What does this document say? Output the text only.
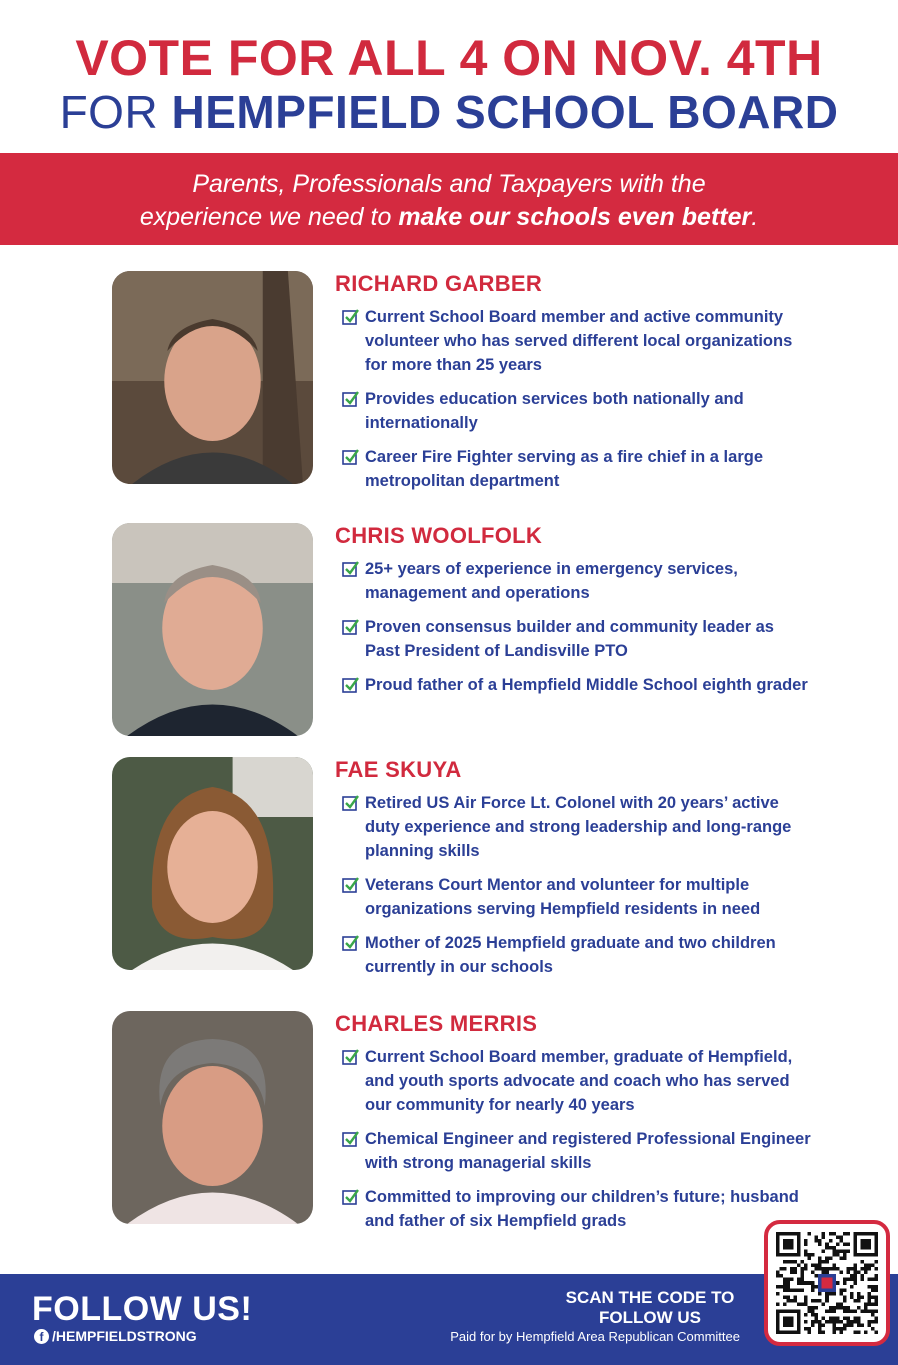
VOTE FOR ALL 4 ON NOV. 4TH
FOR HEMPFIELD SCHOOL BOARD
Parents, Professionals and Taxpayers with the
experience we need to make our schools even better.
RICHARD GARBER
Current School Board member and active community volunteer who has served different local organizations for more than 25 years
Provides education services both nationally and internationally
Career Fire Fighter serving as a fire chief in a large metropolitan department
CHRIS WOOLFOLK
25+ years of experience in emergency services, management and operations
Proven consensus builder and community leader as Past President of Landisville PTO
Proud father of a Hempfield Middle School eighth grader
FAE SKUYA
Retired US Air Force Lt. Colonel with 20 years’ active duty experience and strong leadership and long-range planning skills
Veterans Court Mentor and volunteer for multiple organizations serving Hempfield residents in need
Mother of 2025 Hempfield graduate and two children currently in our schools
CHARLES MERRIS
Current School Board member, graduate of Hempfield, and youth sports advocate and coach who has served our community for nearly 40 years
Chemical Engineer and registered Professional Engineer with strong managerial skills
Committed to improving our children’s future; husband and father of six Hempfield grads
FOLLOW US!
f /HEMPFIELDSTRONG
SCAN THE CODE TO
FOLLOW US
Paid for by Hempfield Area Republican Committee
